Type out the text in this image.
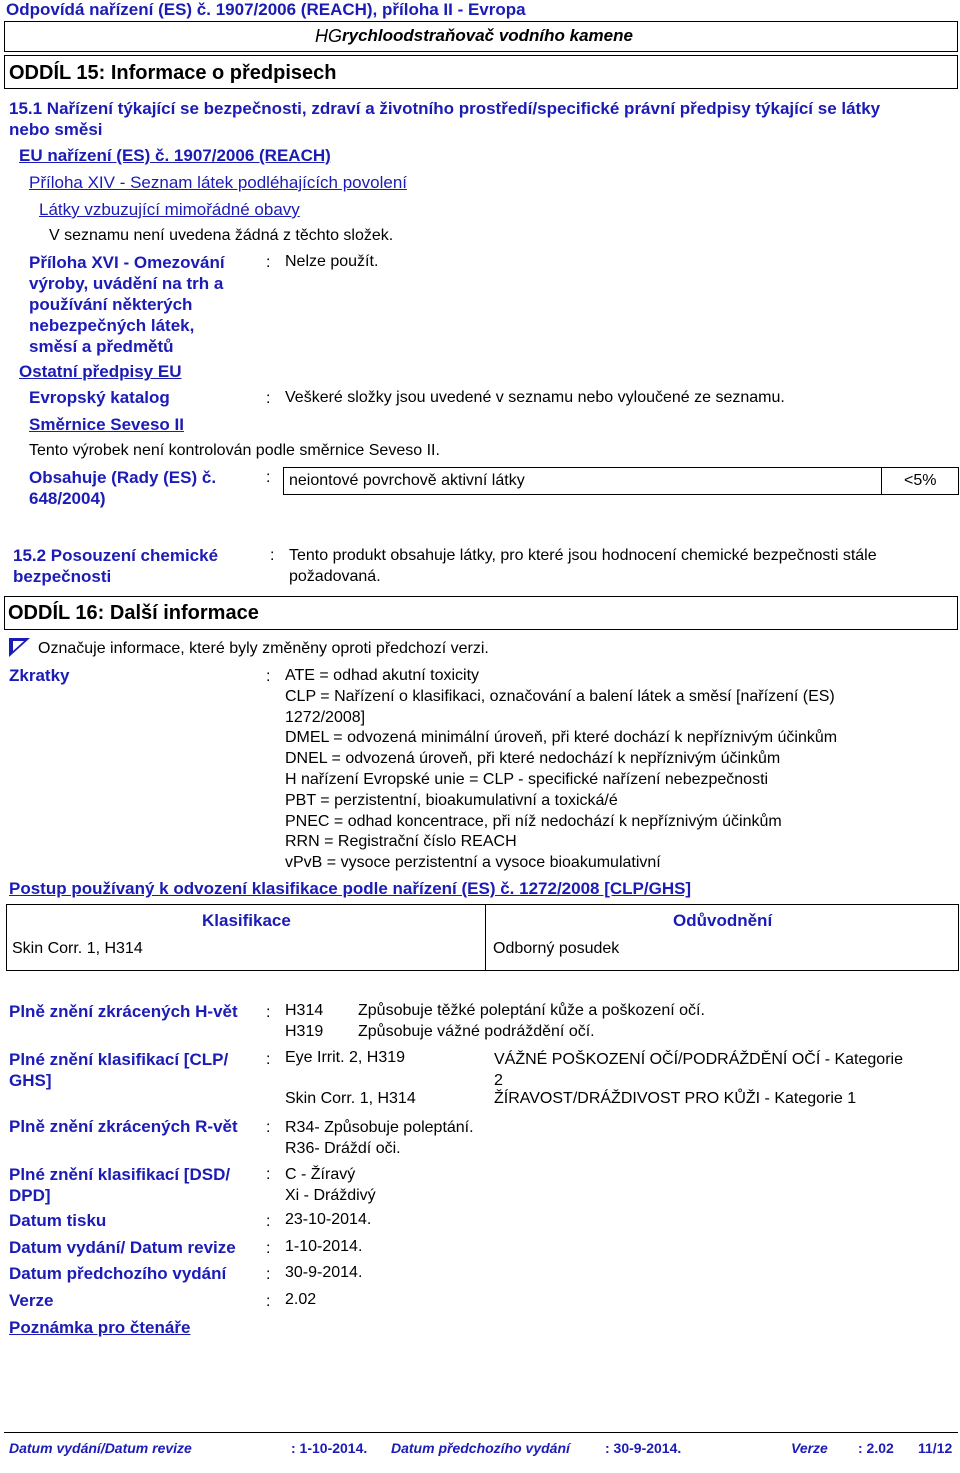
Odpovídá nařízení (ES) č. 1907/2006 (REACH), příloha II - Evropa
HG rychloodstraňovač vodního kamene
ODDÍL 15: Informace o předpisech
15.1 Nařízení týkající se bezpečnosti, zdraví a životního prostředí/specifické právní předpisy týkající se látky
nebo směsi
EU nařízení (ES) č. 1907/2006 (REACH)
Příloha XIV - Seznam látek podléhajících povolení
Látky vzbuzující mimořádné obavy
V seznamu není uvedena žádná z těchto složek.
Příloha XVI - Omezování
výroby, uvádění na trh a
používání některých
nebezpečných látek,
směsí a předmětů
: Nelze použít.
Ostatní předpisy EU
Evropský katalog	: Veškeré složky jsou uvedené v seznamu nebo vyloučené ze seznamu.
Směrnice Seveso II
Tento výrobek není kontrolován podle směrnice Seveso II.
Obsahuje (Rady (ES) č.
648/2004)
: neiontové povrchově aktivní látky	<5%
15.2 Posouzení chemické
bezpečnosti
: Tento produkt obsahuje látky, pro které jsou hodnocení chemické bezpečnosti stále
požadovaná.
ODDÍL 16: Další informace
Označuje informace, které byly změněny oproti předchozí verzi.
Zkratky	: ATE = odhad akutní toxicity
CLP = Nařízení o klasifikaci, označování a balení látek a směsí [nařízení (ES)
1272/2008]
DMEL = odvozená minimální úroveň, při které dochází k nepříznivým účinkům
DNEL = odvozená úroveň, při které nedochází k nepříznivým účinkům
H nařízení Evropské unie = CLP - specifické nařízení nebezpečnosti
PBT = perzistentní, bioakumulativní a toxická/é
PNEC = odhad koncentrace, při níž nedochází k nepříznivým účinkům
RRN = Registrační číslo REACH
vPvB = vysoce perzistentní a vysoce bioakumulativní
Postup používaný k odvození klasifikace podle nařízení (ES) č. 1272/2008 [CLP/GHS]
Klasifikace	Odůvodnění
Skin Corr. 1, H314	Odborný posudek
Plně znění zkrácených H-vět : H314 Způsobuje těžké poleptání kůže a poškození očí.
H319 Způsobuje vážné podráždění očí.
Plné znění klasifikací [CLP/
GHS]
: Eye Irrit. 2, H319	VÁŽNÉ POŠKOZENÍ OČÍ/PODRÁŽDĚNÍ OČÍ - Kategorie
2
Skin Corr. 1, H314	ŽÍRAVOST/DRÁŽDIVOST PRO KŮŽI - Kategorie 1
Plně znění zkrácených R-vět : R34- Způsobuje poleptání.
R36- Dráždí oči.
Plné znění klasifikací [DSD/
DPD]
: C - Žíravý
Xi - Dráždivý
Datum tisku	: 23-10-2014.
Datum vydání/ Datum revize : 1-10-2014.
Datum předchozího vydání : 30-9-2014.
Verze	: 2.02
Poznámka pro čtenáře
Datum vydání/Datum revize	: 1-10-2014. Datum předchozího vydání	: 30-9-2014.	Verze : 2.02 11/12
